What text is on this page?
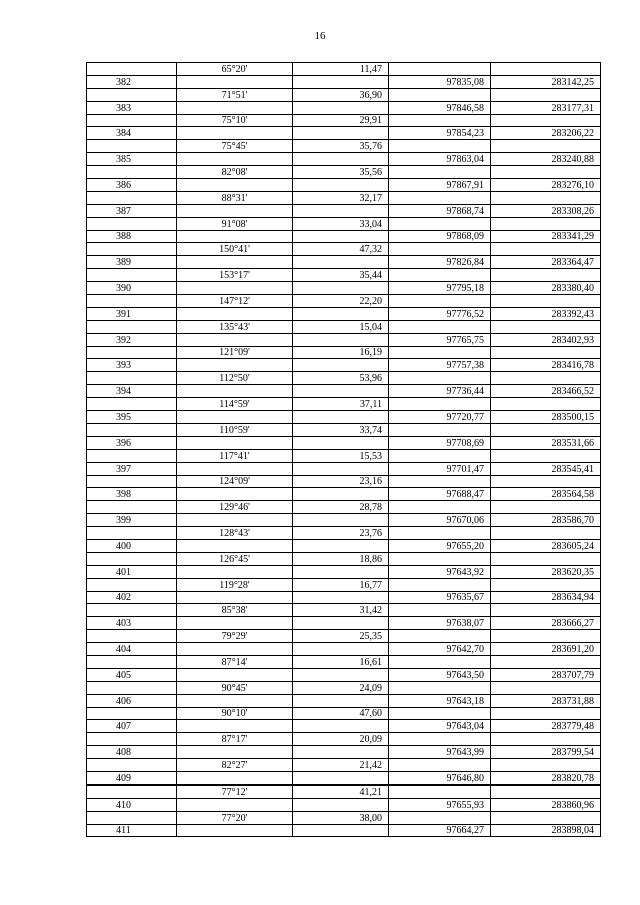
16
	65°20'	11,47		
382			97835,08	283142,25
	71°51'	36,90		
383			97846,58	283177,31
	75°10'	29,91		
384			97854,23	283206,22
	75°45'	35,76		
385			97863,04	283240,88
	82°08'	35,56		
386			97867,91	283276,10
	88°31'	32,17		
387			97868,74	283308,26
	91°08'	33,04		
388			97868,09	283341,29
	150°41'	47,32		
389			97826,84	283364,47
	153°17'	35,44		
390			97795,18	283380,40
	147°12'	22,20		
391			97776,52	283392,43
	135°43'	15,04		
392			97765,75	283402,93
	121°09'	16,19		
393			97757,38	283416,78
	112°50'	53,96		
394			97736,44	283466,52
	114°59'	37,11		
395			97720,77	283500,15
	110°59'	33,74		
396			97708,69	283531,66
	117°41'	15,53		
397			97701,47	283545,41
	124°09'	23,16		
398			97688,47	283564,58
	129°46'	28,78		
399			97670,06	283586,70
	128°43'	23,76		
400			97655,20	283605,24
	126°45'	18,86		
401			97643,92	283620,35
	119°28'	16,77		
402			97635,67	283634,94
	85°38'	31,42		
403			97638,07	283666,27
	79°29'	25,35		
404			97642,70	283691,20
	87°14'	16,61		
405			97643,50	283707,79
	90°45'	24,09		
406			97643,18	283731,88
	90°10'	47,60		
407			97643,04	283779,48
	87°17'	20,09		
408			97643,99	283799,54
	82°27'	21,42		
409			97646,80	283820,78
	77°12'	41,21		
410			97655,93	283860,96
	77°20'	38,00		
411			97664,27	283898,04
